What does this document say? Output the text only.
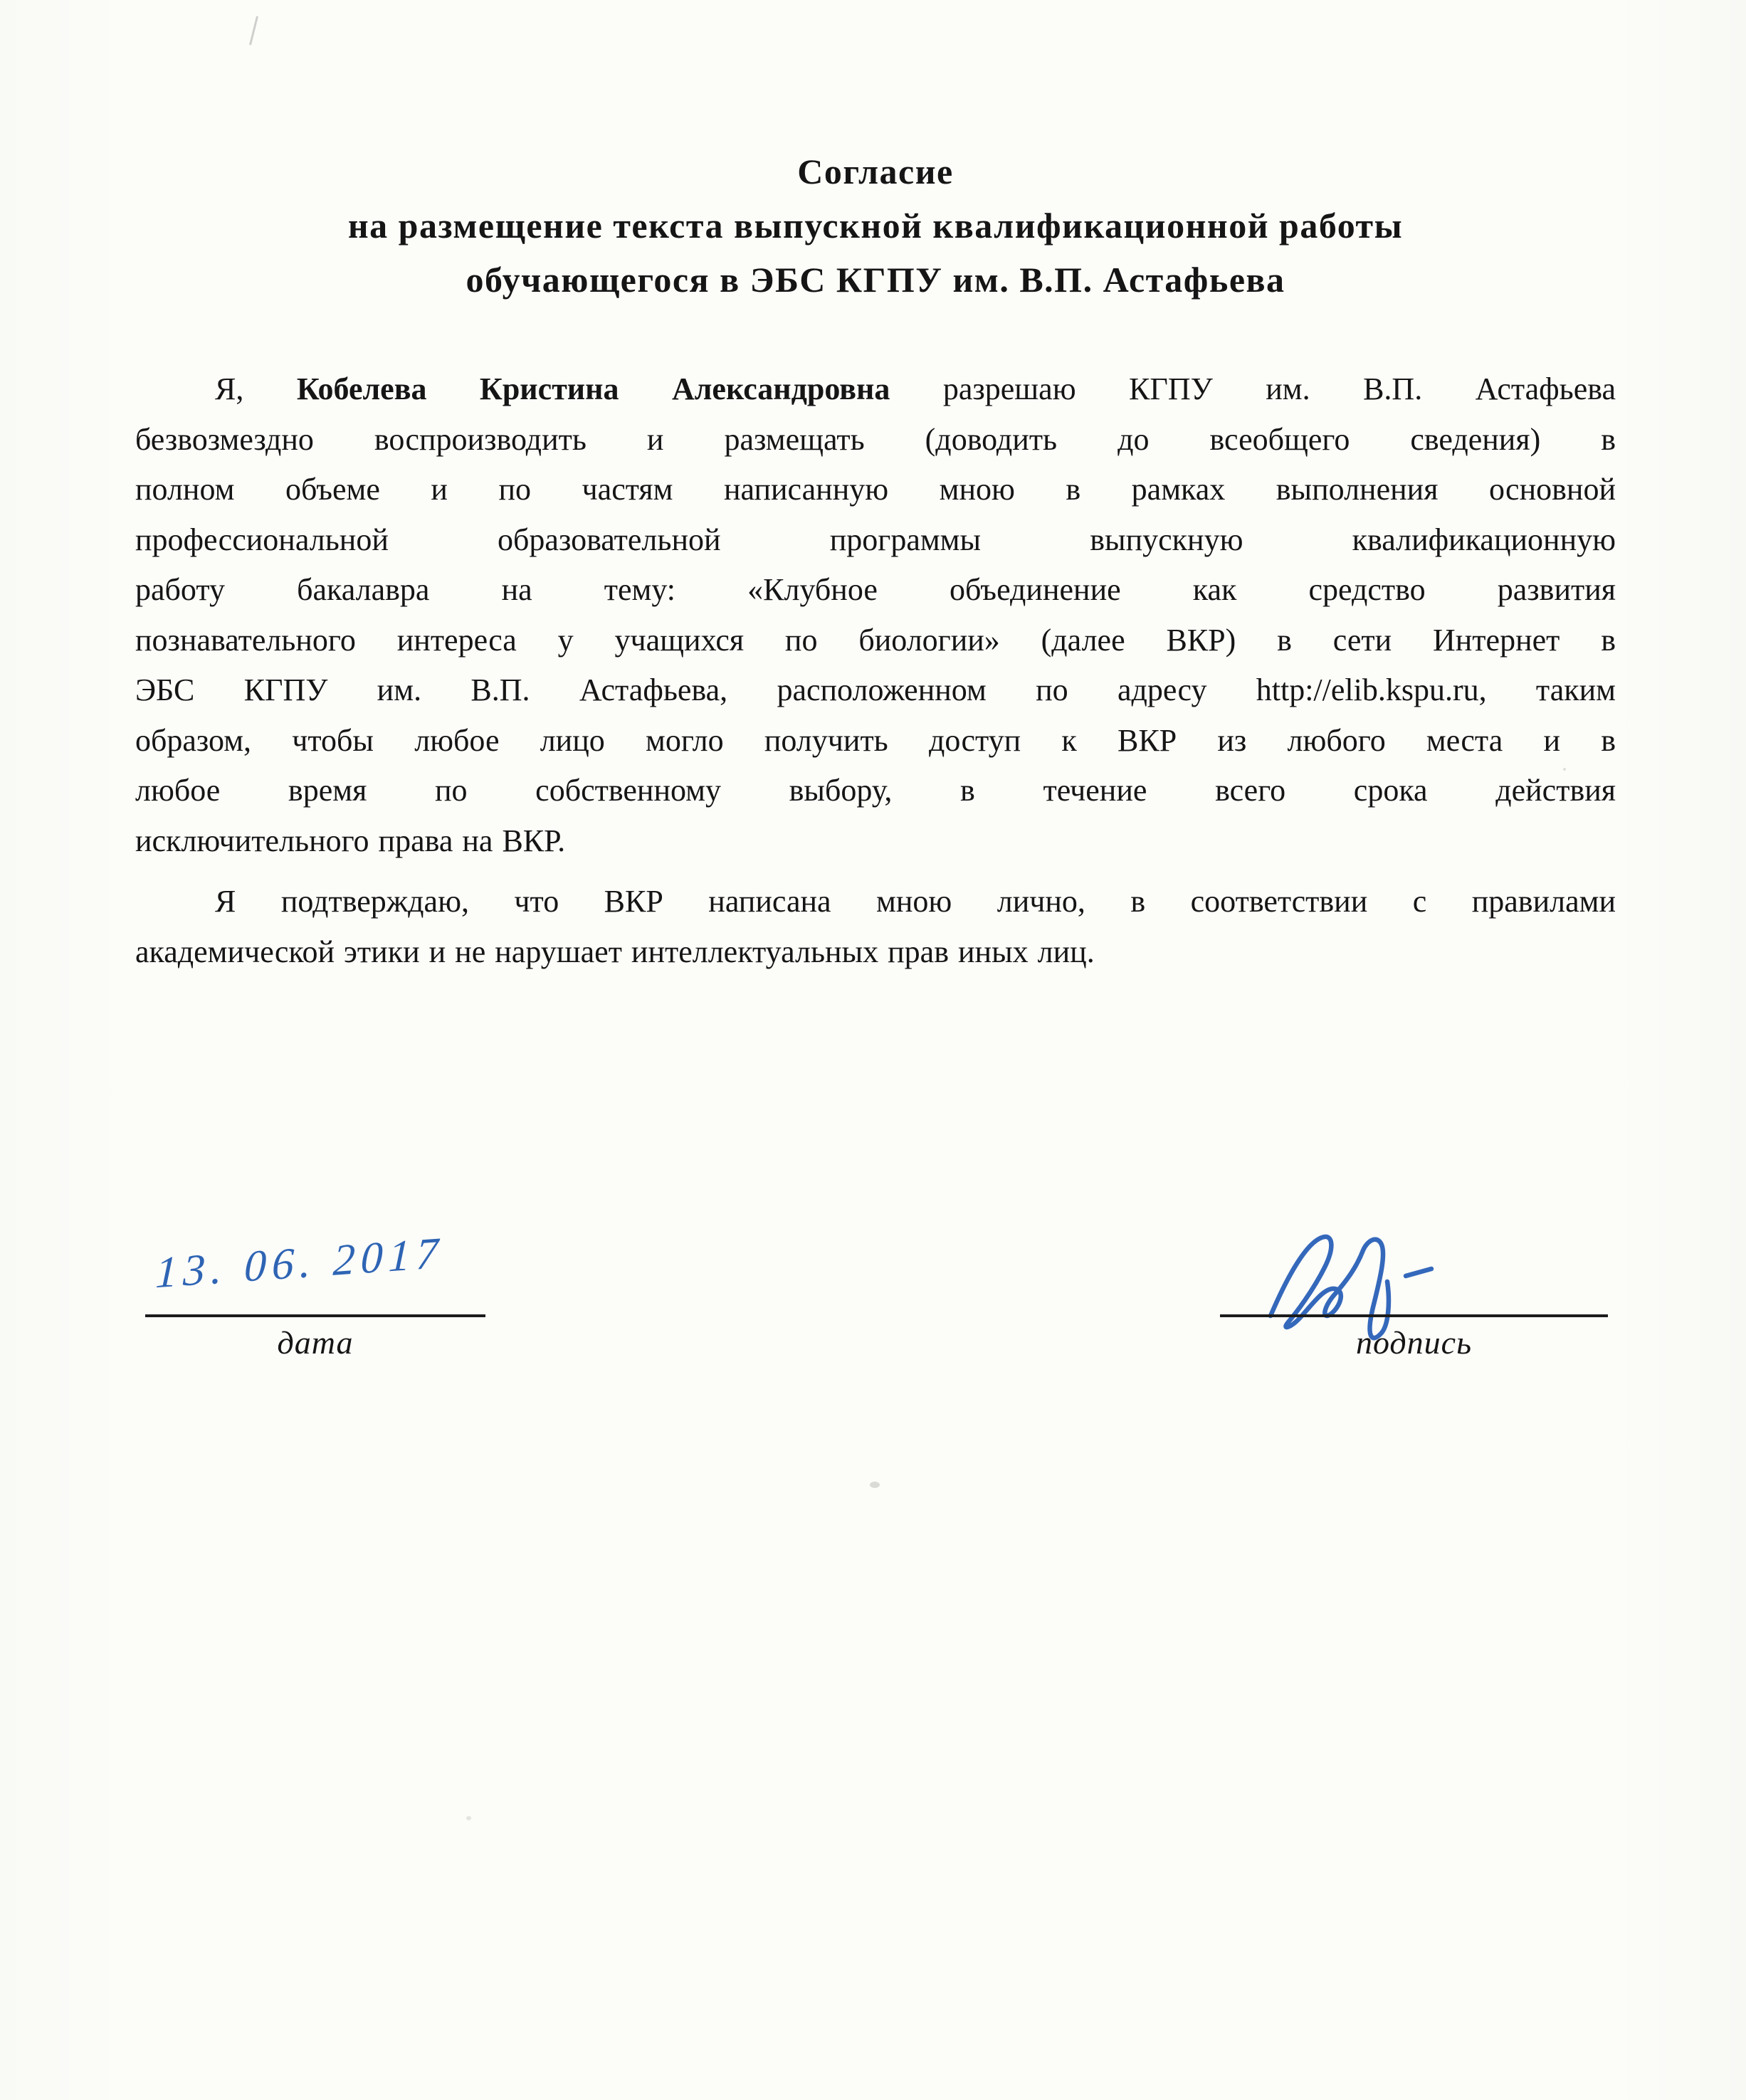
Согласие
на размещение текста выпускной квалификационной работы
обучающегося в ЭБС КГПУ им. В.П. Астафьева
Я, Кобелева Кристина Александровна разрешаю КГПУ им. В.П. Астафьева
безвозмездно воспроизводить и размещать (доводить до всеобщего сведения) в
полном объеме и по частям написанную мною в рамках выполнения основной
профессиональной образовательной программы выпускную квалификационную
работу бакалавра на тему: «Клубное объединение как средство развития
познавательного интереса у учащихся по биологии» (далее ВКР) в сети Интернет в
ЭБС КГПУ им. В.П. Астафьева, расположенном по адресу http://elib.kspu.ru, таким
образом, чтобы любое лицо могло получить доступ к ВКР из любого места и в
любое время по собственному выбору, в течение всего срока действия
исключительного права на ВКР.
Я подтверждаю, что ВКР написана мною лично, в соответствии с правилами
академической этики и не нарушает интеллектуальных прав иных лиц.
13. 06. 2017
дата	подпись
